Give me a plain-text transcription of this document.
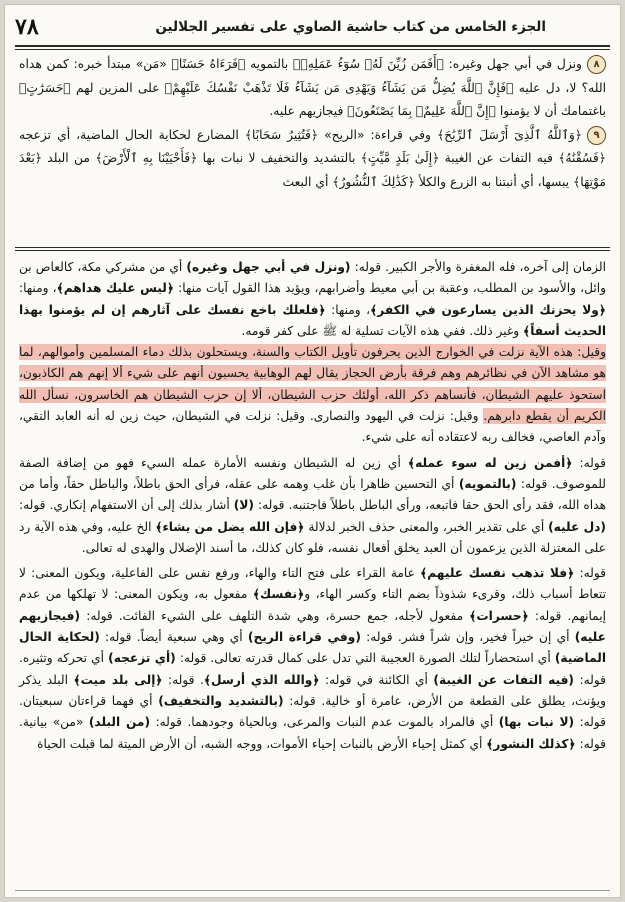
الجزء الخامس من كتاب حاشية الصاوي على تفسير الجلالين
٧٨

٨ونزل في أبي جهل وغيره: ﴿أَفَمَن زُيِّنَ لَهُۥ سُوٓءُ عَمَلِهِۦ﴾ بالتمويه ﴿فَرَءَاهُ حَسَنًا﴾ «مَن» مبتدأ خبره: كمن هداه الله؟ لا، دل عليه ﴿فَإِنَّ ٱللَّهَ يُضِلُّ مَن يَشَآءُ وَيَهْدِى مَن يَشَآءُ فَلَا تَذْهَبْ نَفْسُكَ عَلَيْهِمْ﴾ على المزين لهم ﴿حَسَرَٰتٍ﴾ باغتمامك أن لا يؤمنوا ﴿إِنَّ ٱللَّهَ عَلِيمٌۢ بِمَا يَصْنَعُونَ﴾ فيجازيهم عليه.

٩﴿وَٱللَّهُ ٱلَّذِىٓ أَرْسَلَ ٱلرِّيَٰحَ﴾ وفي قراءة: «الريح» ﴿فَتُثِيرُ سَحَابًا﴾ المضارع لحكاية الحال الماضية، أي تزعجه ﴿فَسُقْنَٰهُ﴾ فيه التفات عن الغيبة ﴿إِلَىٰ بَلَدٍ مَّيِّتٍ﴾ بالتشديد والتخفيف لا نبات بها ﴿فَأَحْيَيْنَا بِهِ ٱلْأَرْضَ﴾ من البلد ﴿بَعْدَ مَوْتِهَا﴾ يبسها، أي أنبتنا به الزرع والكلأ ﴿كَذَٰلِكَ ٱلنُّشُورُ﴾ أي البعث

الزمان إلى آخره، فله المغفرة والأجر الكبير. قوله: (ونزل في أبي جهل وغيره) أي من مشركي مكة، كالعاص بن وائل، والأسود بن المطلب، وعقبة بن أبي معيط وأضرابهم، ويؤيد هذا القول آيات منها: ﴿ليس عليك هداهم﴾، ومنها: ﴿ولا يحزنك الذين يسارعون في الكفر﴾، ومنها: ﴿فلعلك باخع نفسك على آثارهم إن لم يؤمنوا بهذا الحديث أسفاً﴾ وغير ذلك. ففي هذه الآيات تسلية له ﷺ على كفر قومه.

وقيل: هذه الآية نزلت في الخوارج الذين يحرفون تأويل الكتاب والسنة، ويستحلون بذلك دماء المسلمين وأموالهم، لما هو مشاهد الآن في نظائرهم وهم فرقة بأرض الحجاز يقال لهم الوهابية يحسبون أنهم على شيء ألا إنهم هم الكاذبون، استحوذ عليهم الشيطان، فأنساهم ذكر الله، أولئك حزب الشيطان، ألا إن حزب الشيطان هم الخاسرون، نسأل الله الكريم أن يقطع دابرهم. وقيل: نزلت في اليهود والنصارى. وقيل: نزلت في الشيطان، حيث زين له أنه العابد التقي، وآدم العاصي، فخالف ربه لاعتقاده أنه على شيء.

قوله: ﴿أفمن زين له سوء عمله﴾ أي زين له الشيطان ونفسه الأمارة عمله السيء فهو من إضافة الصفة للموصوف. قوله: (بالتمويه) أي التحسين ظاهرا بأن غلب وهمه على عقله، فرأى الحق باطلاً، والباطل حقاً، وأما من هداه الله، فقد رأى الحق حقا فاتبعه، ورأى الباطل باطلاً فاجتنبه. قوله: (لا) أشار بذلك إلى أن الاستفهام إنكاري. قوله: (دل عليه) أي على تقدير الخبر، والمعنى حذف الخبر لدلالة ﴿فإن الله يضل من يشاء﴾ الخ عليه، وفي هذه الآية رد على المعتزلة الذين يزعمون أن العبد يخلق أفعال نفسه، فلو كان كذلك، ما أسند الإضلال والهدى له تعالى.

قوله: ﴿فلا تذهب نفسك عليهم﴾ عامة القراء على فتح التاء والهاء، ورفع نفس على الفاعلية، ويكون المعنى: لا تتعاط أسباب ذلك، وقرىء شذوذاً بضم التاء وكسر الهاء، و﴿نفسك﴾ مفعول به، ويكون المعنى: لا تهلكها من عدم إيمانهم. قوله: ﴿حسرات﴾ مفعول لأجله، جمع حسرة، وهي شدة التلهف على الشيء الفائت. قوله: (فيجازيهم عليه) أي إن خيراً فخير، وإن شراً فشر. قوله: (وفي قراءة الريح) أي وهي سبعية أيضاً. قوله: (لحكاية الحال الماضية) أي استحضاراً لتلك الصورة العجيبة التي تدل على كمال قدرته تعالى. قوله: (أي تزعجه) أي تحركه وتثيره. قوله: (فيه التفات عن الغيبة) أي الكائنة في قوله: ﴿والله الذي أرسل﴾. قوله: ﴿إلى بلد ميت﴾ البلد يذكر ويؤنث، يطلق على القطعة من الأرض، عامرة أو خالية. قوله: (بالتشديد والتخفيف) أي فهما قراءتان سبعيتان. قوله: (لا نبات بها) أي فالمراد بالموت عدم النبات والمرعى، وبالحياة وجودهما. قوله: (من البلد) «من» بيانية. قوله: ﴿كذلك النشور﴾ أي كمثل إحياء الأرض بالنبات إحياء الأموات، ووجه الشبه، أن الأرض الميتة لما قبلت الحياة
